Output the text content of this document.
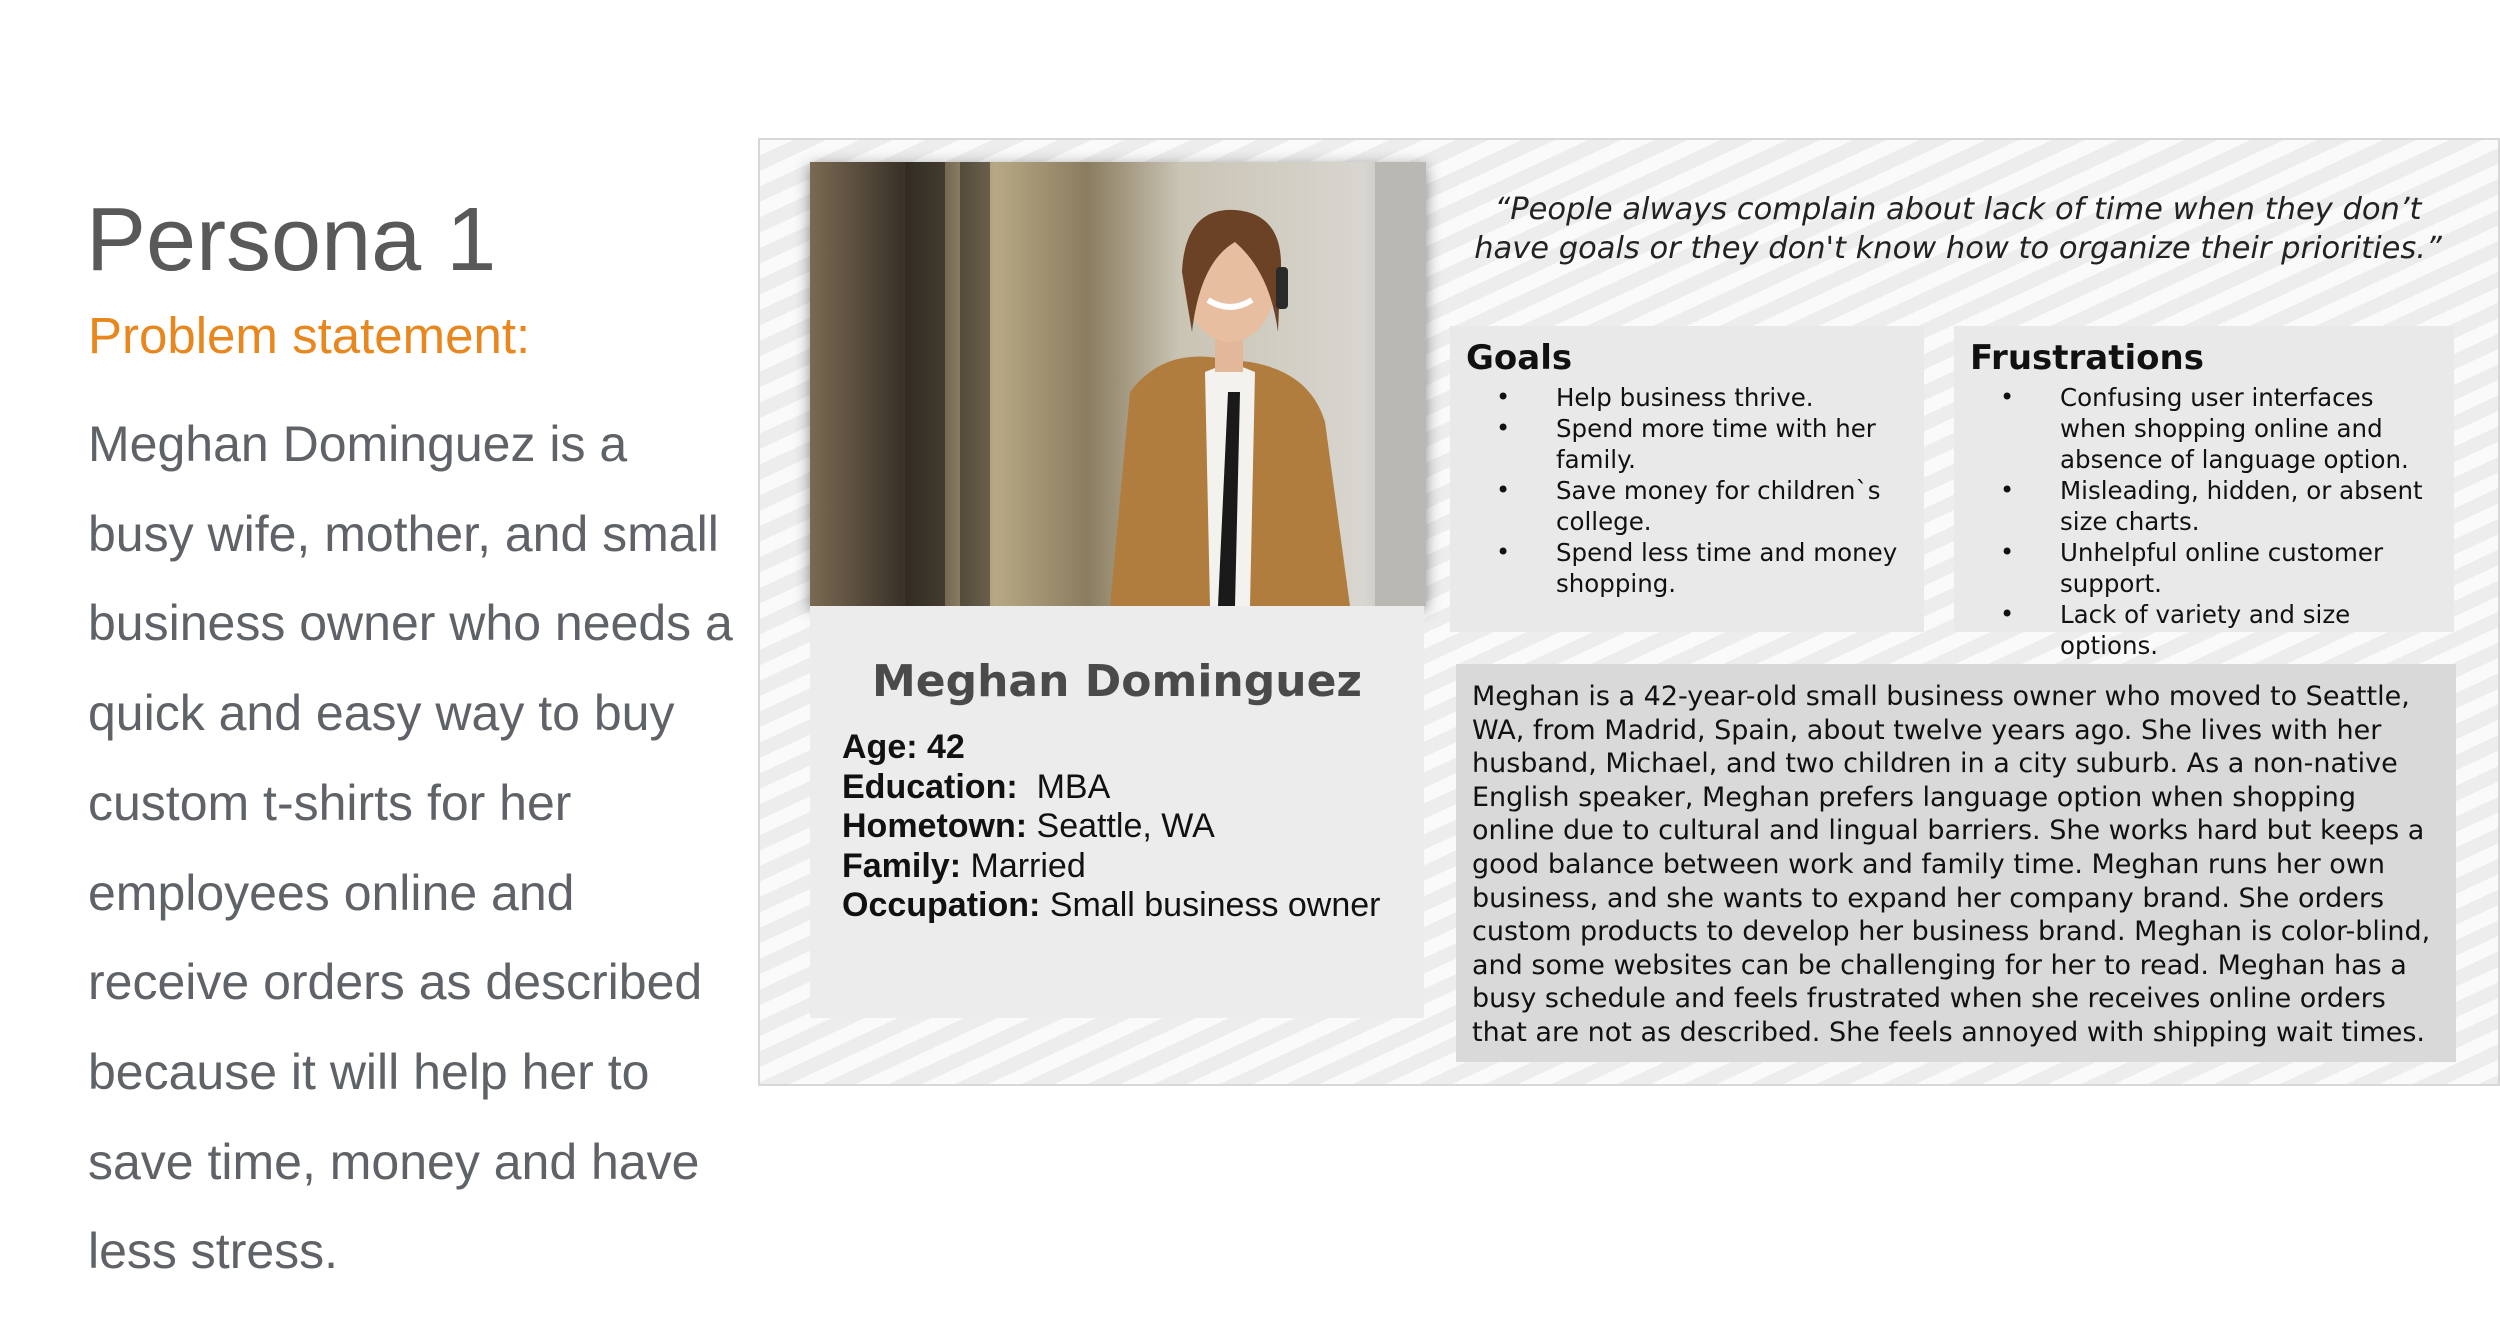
Persona 1
Problem statement:
Meghan Dominguez is a busy wife, mother, and small business owner who needs a quick and easy way to buy custom t-shirts for her employees online and receive orders as described  because it will help her to save time, money and have less stress.
Meghan Dominguez
Age: 42
Education:  MBA
Hometown: Seattle, WA
Family: Married
Occupation: Small business owner
“People always complain about lack of time when they don’t have goals or they don't know how to organize their priorities.”
Goals
• Help business thrive.
• Spend more time with her family.
• Save money for children`s college.
• Spend less time and money shopping.
Frustrations
• Confusing user interfaces when shopping online and absence of language option.
• Misleading, hidden, or absent size charts.
• Unhelpful online customer support.
• Lack of variety and size options.

Meghan is a 42-year-old small business owner who moved to Seattle, WA, from Madrid, Spain, about twelve years ago. She lives with her husband, Michael, and two children in a city suburb. As a non-native English speaker, Meghan prefers language option when shopping online due to cultural and lingual barriers. She works hard but keeps a good balance between work and family time. Meghan runs her own business, and she wants to expand her company brand. She orders custom products to develop her business brand. Meghan is color-blind, and some websites can be challenging for her to read. Meghan has a busy schedule and feels frustrated when she receives online orders that are not as described. She feels annoyed with shipping wait times.
